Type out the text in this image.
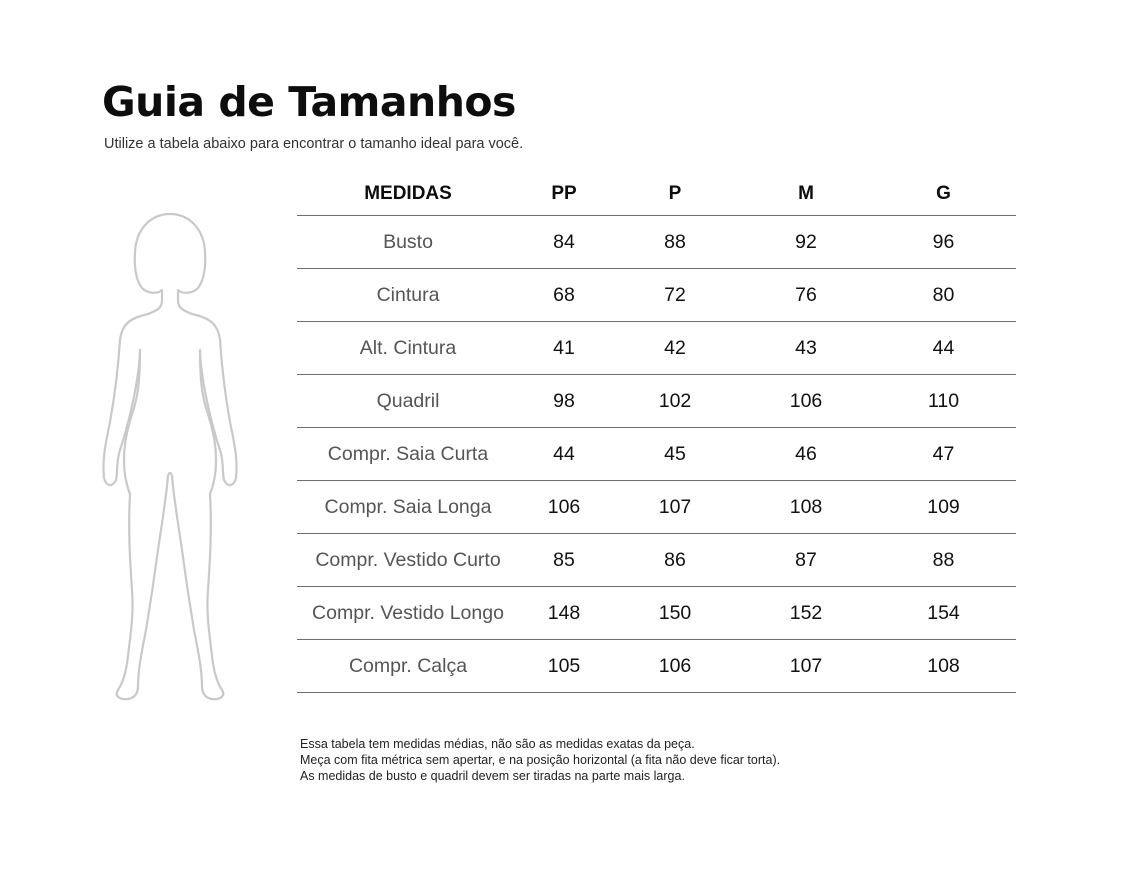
Guia de Tamanhos
Utilize a tabela abaixo para encontrar o tamanho ideal para você.
MEDIDAS	PP	P	M	G
Busto	84	88	92	96
Cintura	68	72	76	80
Alt. Cintura	41	42	43	44
Quadril	98	102	106	110
Compr. Saia Curta	44	45	46	47
Compr. Saia Longa	106	107	108	109
Compr. Vestido Curto	85	86	87	88
Compr. Vestido Longo	148	150	152	154
Compr. Calça	105	106	107	108
Essa tabela tem medidas médias, não são as medidas exatas da peça.
Meça com fita métrica sem apertar, e na posição horizontal (a fita não deve ficar torta).
As medidas de busto e quadril devem ser tiradas na parte mais larga.
